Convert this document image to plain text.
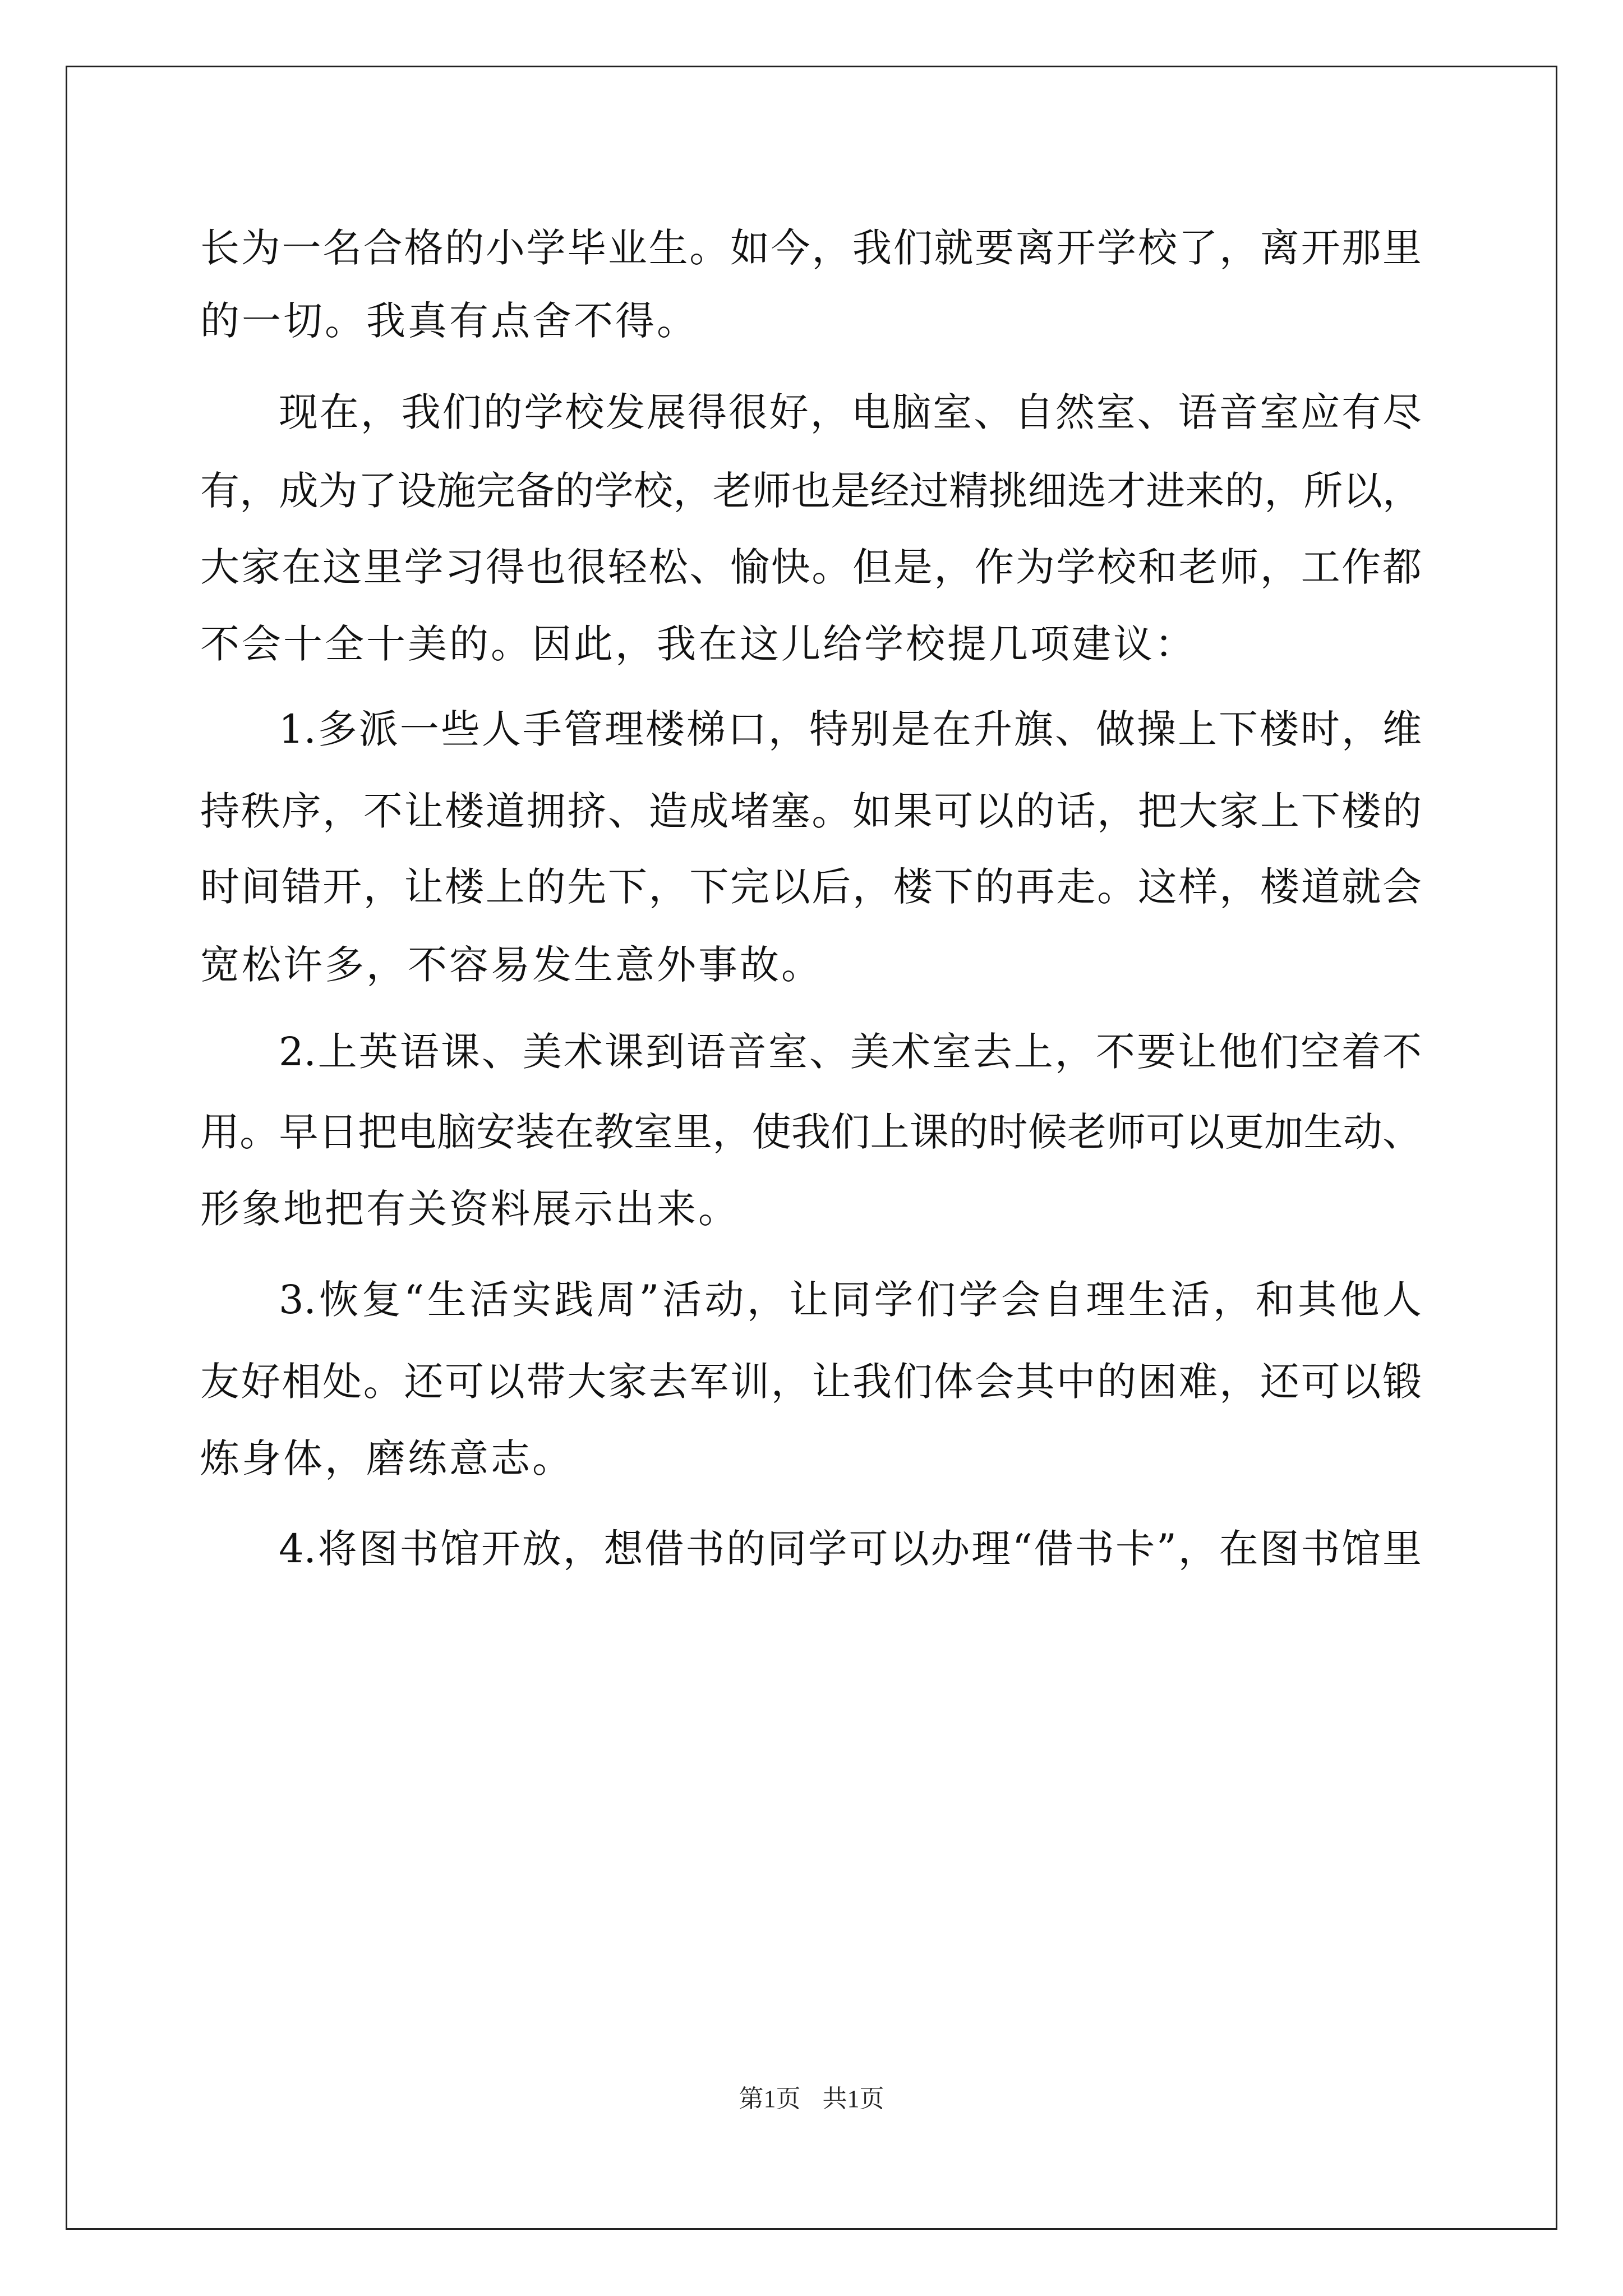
长为一名合格的小学毕业生。如今，我们就要离开学校了，离开那里
的一切。我真有点舍不得。
现在，我们的学校发展得很好，电脑室、自然室、语音室应有尽
有，成为了设施完备的学校，老师也是经过精挑细选才进来的，所以，
大家在这里学习得也很轻松、愉快。但是，作为学校和老师，工作都
不会十全十美的。因此，我在这儿给学校提几项建议：
1.多派一些人手管理楼梯口，特别是在升旗、做操上下楼时，维
持秩序，不让楼道拥挤、造成堵塞。如果可以的话，把大家上下楼的
时间错开，让楼上的先下，下完以后，楼下的再走。这样，楼道就会
宽松许多，不容易发生意外事故。
2.上英语课、美术课到语音室、美术室去上，不要让他们空着不
用。早日把电脑安装在教室里，使我们上课的时候老师可以更加生动、
形象地把有关资料展示出来。
3.恢复“生活实践周”活动，让同学们学会自理生活，和其他人
友好相处。还可以带大家去军训，让我们体会其中的困难，还可以锻
炼身体，磨练意志。
4.将图书馆开放，想借书的同学可以办理“借书卡”，在图书馆里
第1页 共1页
